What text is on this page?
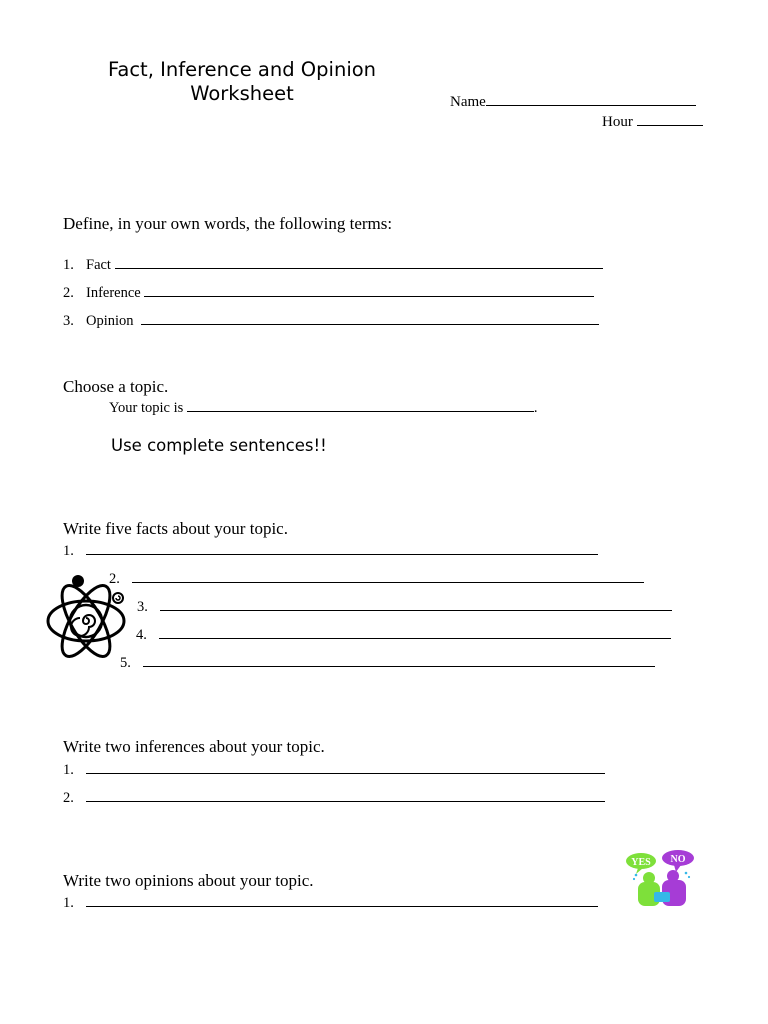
Fact, Inference and Opinion
Worksheet	Name
Hour
Define, in your own words, the following terms:
1. Fact
2. Inference
3. Opinion
Choose a topic.
Your topic is	.
Use complete sentences!!
Write five facts about your topic.
1.
2.
3.
4.
5.
Write two inferences about your topic.
1.
2.
Write two opinions about your topic.
1.
YES NO
